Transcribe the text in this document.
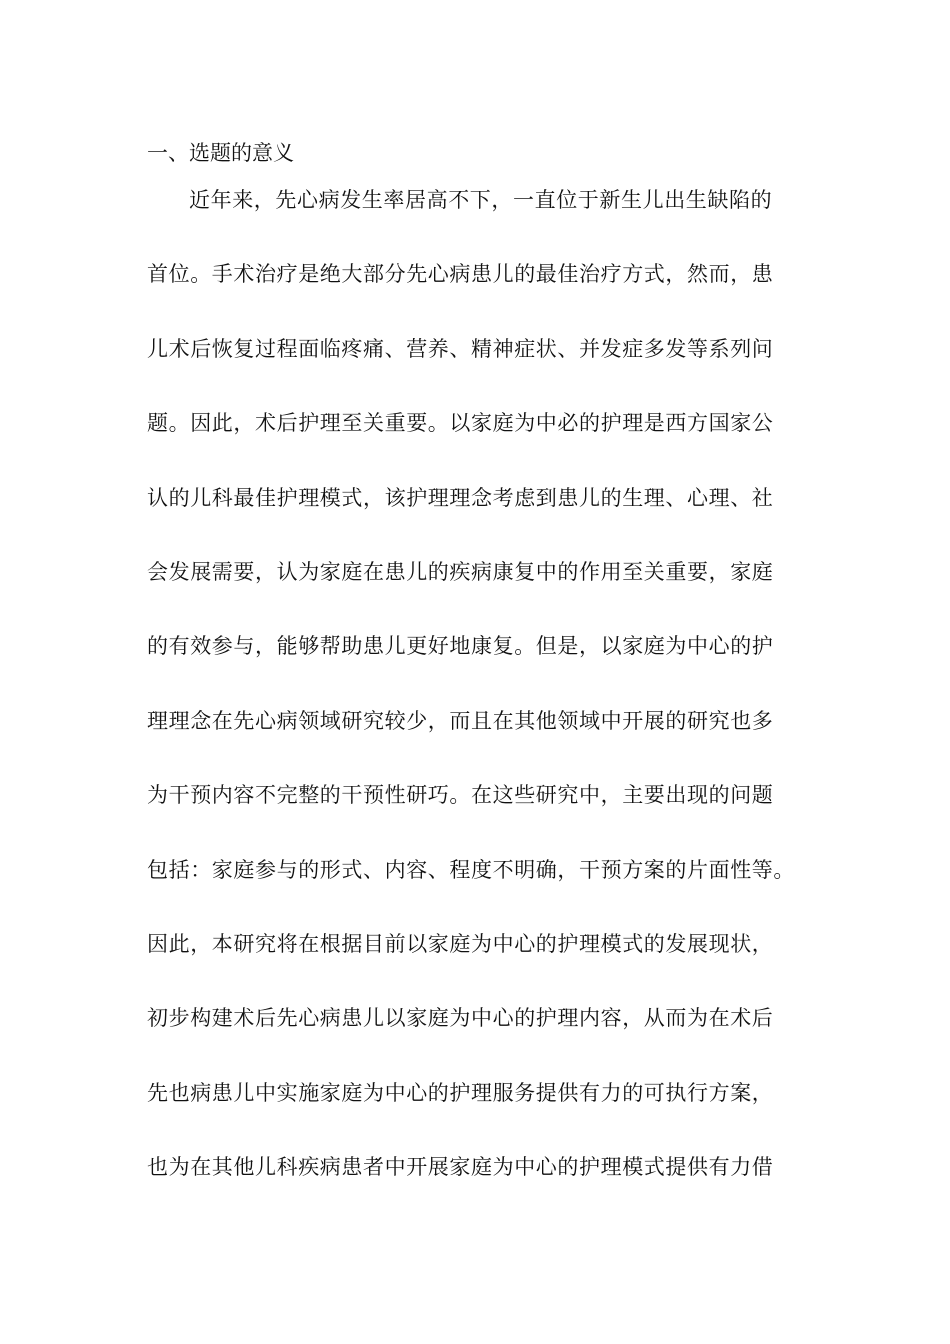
一、选题的意义
近年来，先心病发生率居高不下，一直位于新生儿出生缺陷的
首位。手术治疗是绝大部分先心病患儿的最佳治疗方式，然而，患
儿术后恢复过程面临疼痛、营养、精神症状、并发症多发等系列问
题。因此，术后护理至关重要。以家庭为中必的护理是西方国家公
认的儿科最佳护理模式，该护理理念考虑到患儿的生理、心理、社
会发展需要，认为家庭在患儿的疾病康复中的作用至关重要，家庭
的有效参与，能够帮助患儿更好地康复。但是，以家庭为中心的护
理理念在先心病领域研究较少，而且在其他领域中开展的研究也多
为干预内容不完整的干预性研巧。在这些研究中，主要出现的问题
包括：家庭参与的形式、内容、程度不明确，干预方案的片面性等。
因此，本研究将在根据目前以家庭为中心的护理模式的发展现状，
初步构建术后先心病患儿以家庭为中心的护理内容，从而为在术后
先也病患儿中实施家庭为中心的护理服务提供有力的可执行方案，
也为在其他儿科疾病患者中开展家庭为中心的护理模式提供有力借
